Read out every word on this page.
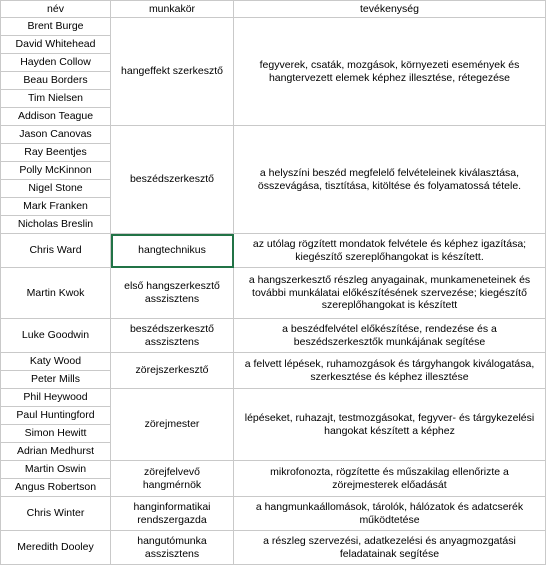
név	munkakör	tevékenység
Brent Burge	hangeffekt szerkesztő	fegyverek, csaták, mozgások, környezeti események és hangtervezett elemek képhez illesztése, rétegezése
David Whitehead		
Hayden Collow		
Beau Borders		
Tim Nielsen		
Addison Teague		
Jason Canovas	beszédszerkesztő	a helyszíni beszéd megfelelő felvételeinek kiválasztása, összevágása, tisztítása, kitöltése és folyamatossá tétele.
Ray Beentjes		
Polly McKinnon		
Nigel Stone		
Mark Franken		
Nicholas Breslin		
Chris Ward	hangtechnikus	az utólag rögzített mondatok felvétele és képhez igazítása; kiegészítő szereplőhangokat is készített.
Martin Kwok	első hangszerkesztő asszisztens	a hangszerkesztő részleg anyagainak, munkameneteinek és további munkálatai előkészítésének szervezése; kiegészítő szereplőhangokat is készített
Luke Goodwin	beszédszerkesztő asszisztens	a beszédfelvétel előkészítése, rendezése és a beszédszerkesztők munkájának segítése
Katy Wood	zörejszerkesztő	a felvett lépések, ruhamozgások és tárgyhangok kiválogatása, szerkesztése és képhez illesztése
Peter Mills		
Phil Heywood	zörejmester	lépéseket, ruhazajt, testmozgásokat, fegyver- és tárgykezelési hangokat készített a képhez
Paul Huntingford		
Simon Hewitt		
Adrian Medhurst		
Martin Oswin	zörejfelvevő hangmérnök	mikrofonozta, rögzítette és műszakilag ellenőrizte a zörejmesterek előadását
Angus Robertson		
Chris Winter	hanginformatikai rendszergazda	a hangmunkaállomások, tárolók, hálózatok és adatcserék működtetése
Meredith Dooley	hangutómunka asszisztens	a részleg szervezési, adatkezelési és anyagmozgatási feladatainak segítése
